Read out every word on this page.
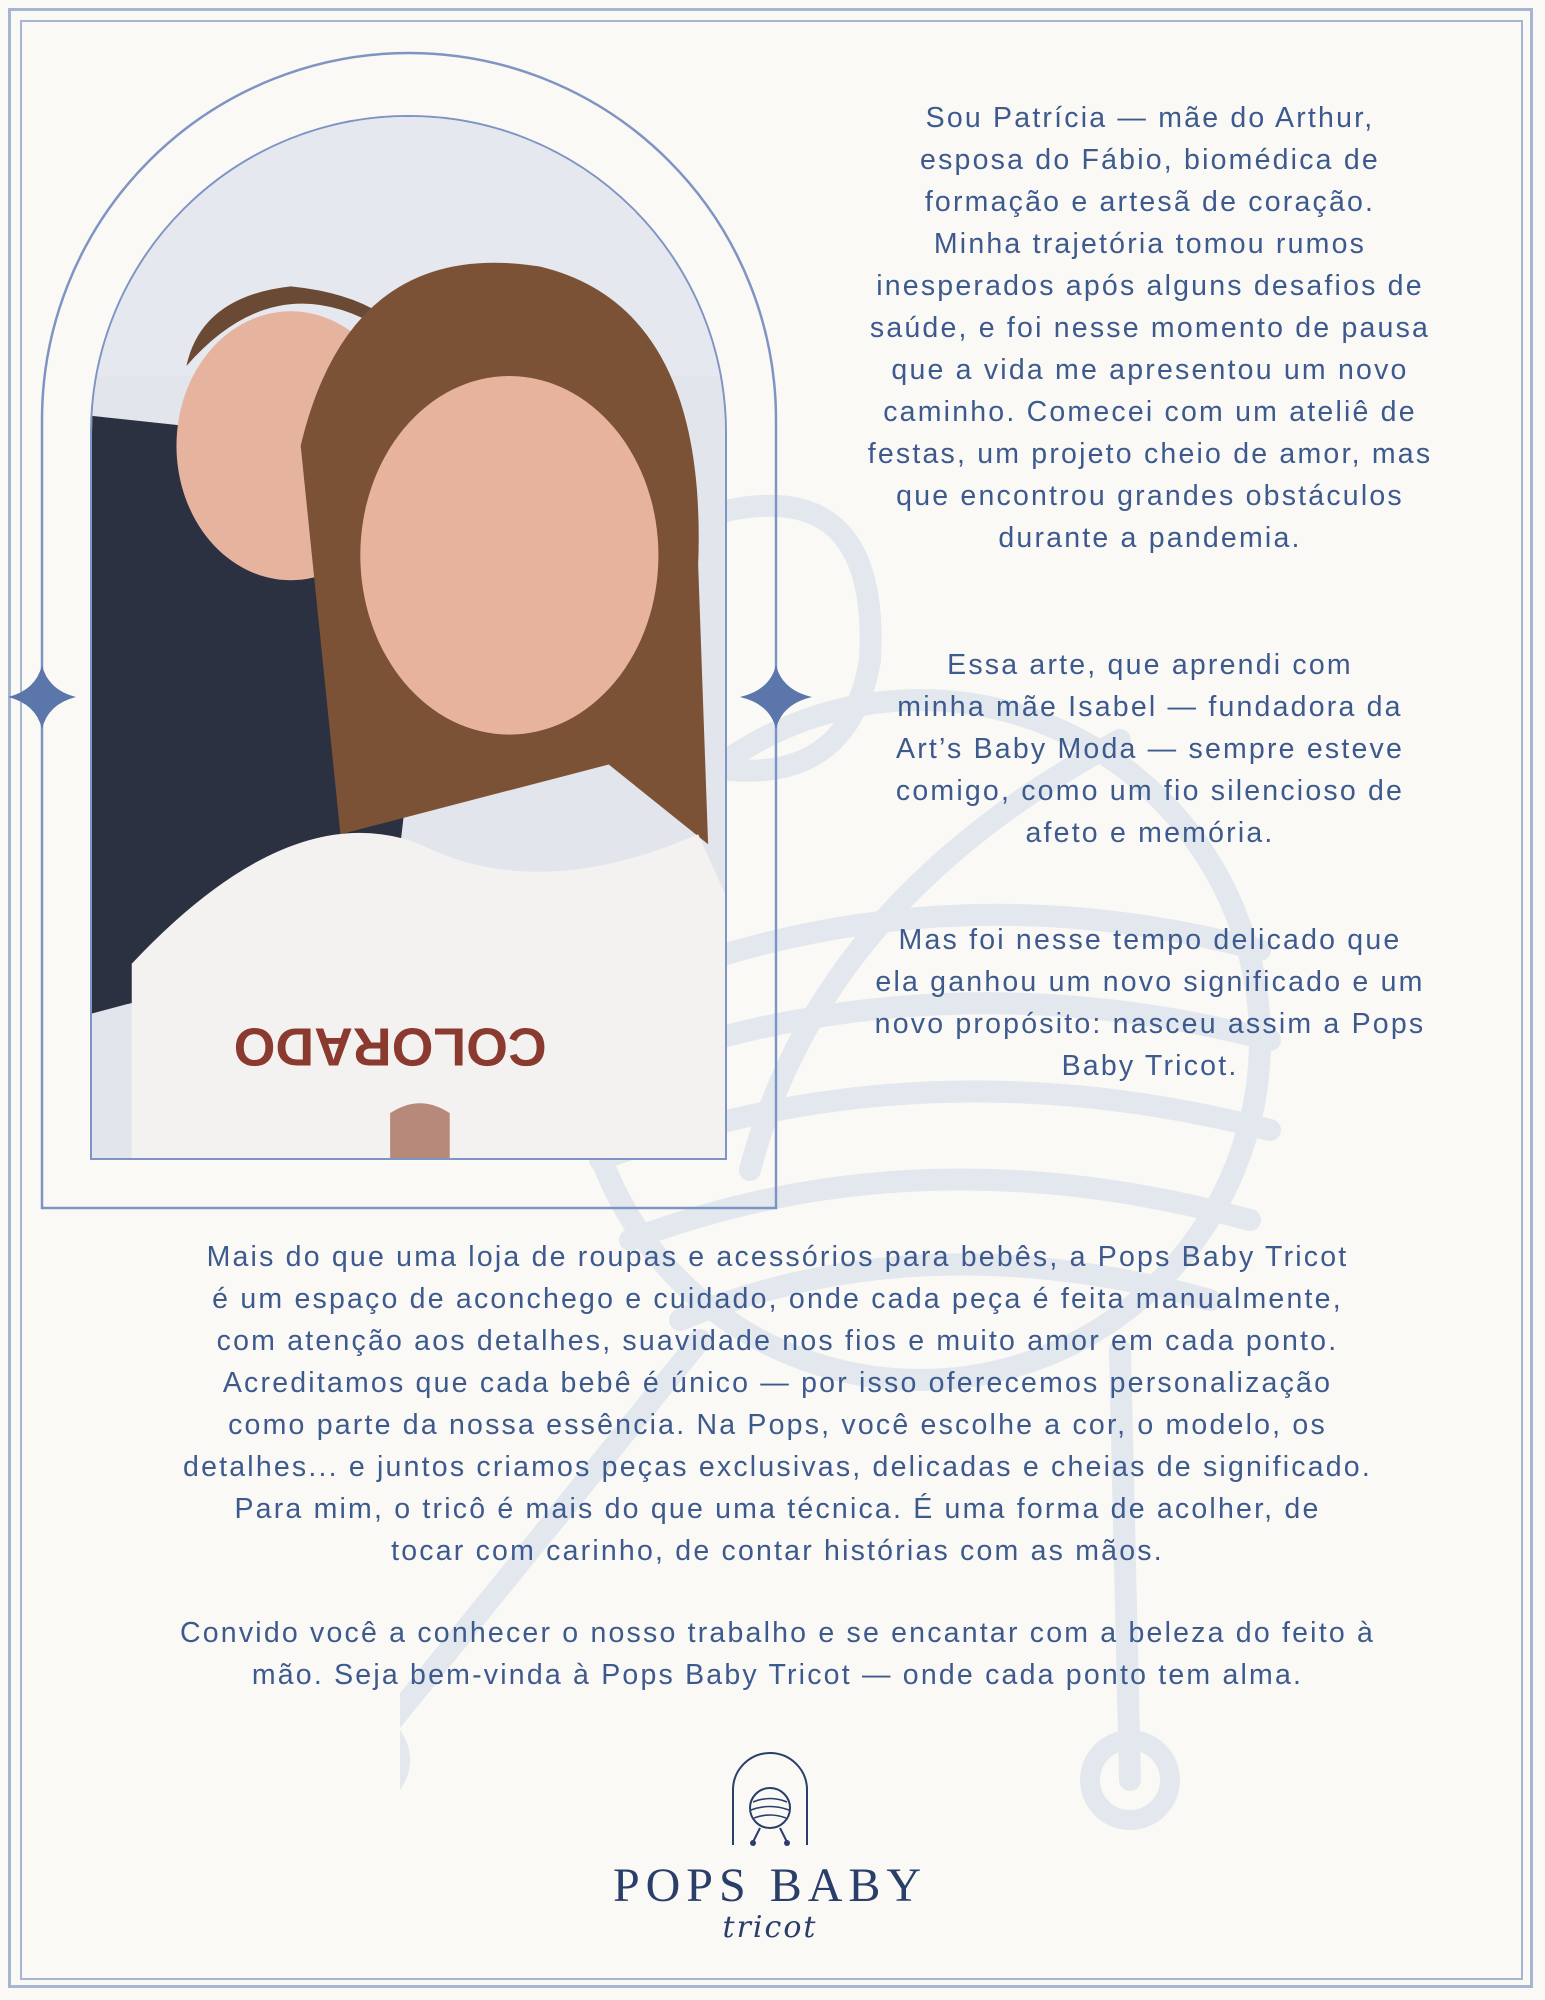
COLORADO

Sou Patrícia — mãe do Arthur,

esposa do Fábio, biomédica de

formação e artesã de coração.

Minha trajetória tomou rumos

inesperados após alguns desafios de

saúde, e foi nesse momento de pausa

que a vida me apresentou um novo

caminho. Comecei com um ateliê de

festas, um projeto cheio de amor, mas

que encontrou grandes obstáculos

durante a pandemia.

Essa arte, que aprendi com

minha mãe Isabel — fundadora da

Art’s Baby Moda — sempre esteve

comigo, como um fio silencioso de

afeto e memória.

Mas foi nesse tempo delicado que

ela ganhou um novo significado e um

novo propósito: nasceu assim a Pops

Baby Tricot.

Mais do que uma loja de roupas e acessórios para bebês, a Pops Baby Tricot

é um espaço de aconchego e cuidado, onde cada peça é feita manualmente,

com atenção aos detalhes, suavidade nos fios e muito amor em cada ponto.

Acreditamos que cada bebê é único — por isso oferecemos personalização

como parte da nossa essência. Na Pops, você escolhe a cor, o modelo, os

detalhes... e juntos criamos peças exclusivas, delicadas e cheias de significado.

Para mim, o tricô é mais do que uma técnica. É uma forma de acolher, de

tocar com carinho, de contar histórias com as mãos.

Convido você a conhecer o nosso trabalho e se encantar com a beleza do feito à

mão. Seja bem-vinda à Pops Baby Tricot — onde cada ponto tem alma.

POPS BABY
tricot
